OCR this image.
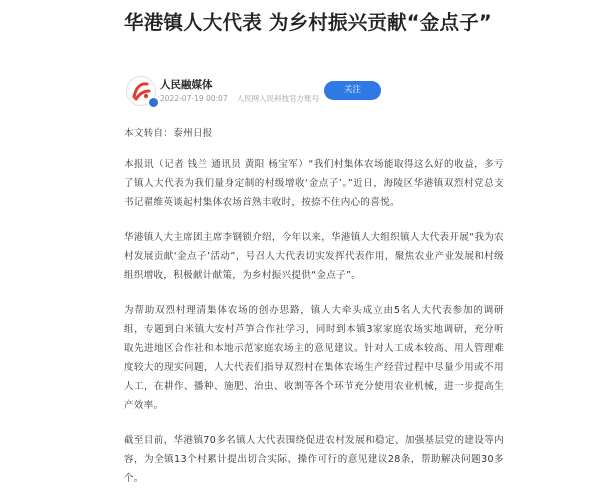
华港镇人大代表 为乡村振兴贡献“金点子”
人民融媒体
2022-07-19 00:07 人民网人民科技官方账号
关注

本文转自：泰州日报

本报讯（记者 钱兰 通讯员 黄阳 杨宝军）“我们村集体农场能取得这么好的收益，多亏了镇人大代表为我们量身定制的村级增收‘金点子’。”近日，海陵区华港镇双烈村党总支书记翟维英谈起村集体农场首熟丰收时，按捺不住内心的喜悦。

华港镇人大主席团主席李钢锁介绍，今年以来，华港镇人大组织镇人大代表开展“我为农村发展贡献‘金点子’活动”，号召人大代表切实发挥代表作用，聚焦农业产业发展和村级组织增收，积极献计献策，为乡村振兴提供“金点子”。

为帮助双烈村理清集体农场的创办思路，镇人大牵头成立由5名人大代表参加的调研组，专题到白米镇大安村芦笋合作社学习，同时到本镇3家家庭农场实地调研，充分听取先进地区合作社和本地示范家庭农场主的意见建议。针对人工成本较高、用人管理难度较大的现实问题，人大代表们指导双烈村在集体农场生产经营过程中尽量少用或不用人工，在耕作、播种、施肥、治虫、收割等各个环节充分使用农业机械，进一步提高生产效率。

截至目前，华港镇70多名镇人大代表围绕促进农村发展和稳定、加强基层党的建设等内容，为全镇13个村累计提出切合实际、操作可行的意见建议28条，帮助解决问题30多个。
